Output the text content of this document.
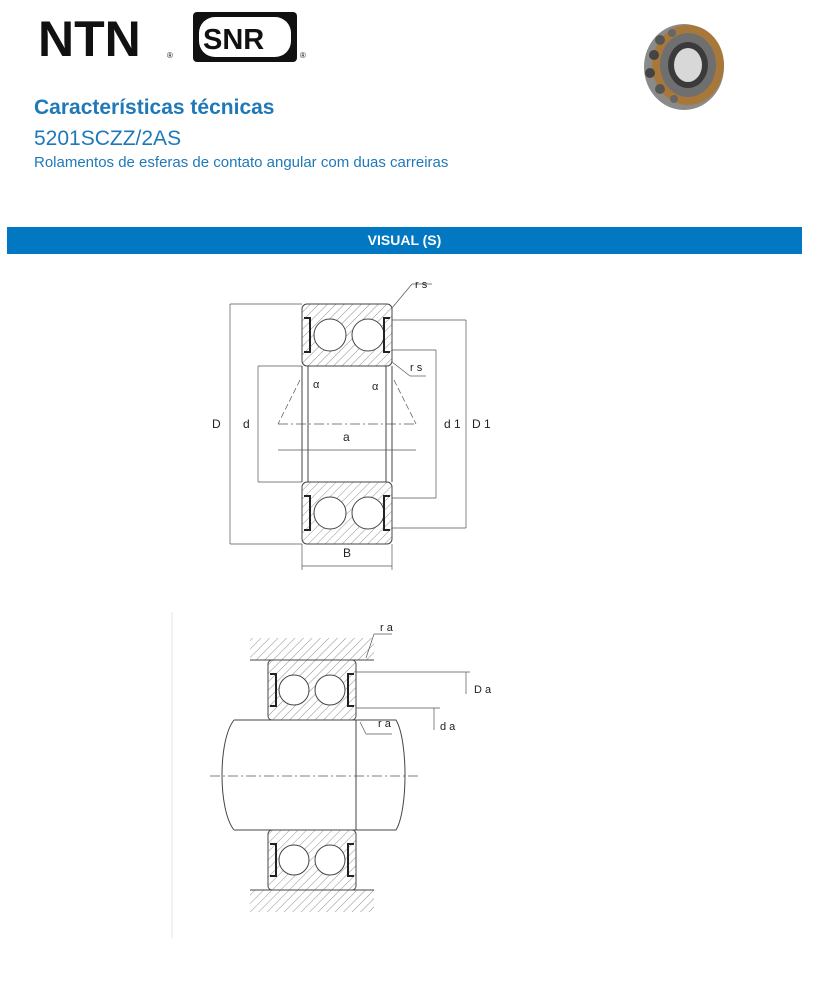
NTN	® SNR	®
Características técnicas
5201SCZZ/2AS
Rolamentos de esferas de contato angular com duas carreiras
VISUAL (S)
r s
r s
α	α
D d
a
d 1 D 1
B
r a
r a
D a
d a
